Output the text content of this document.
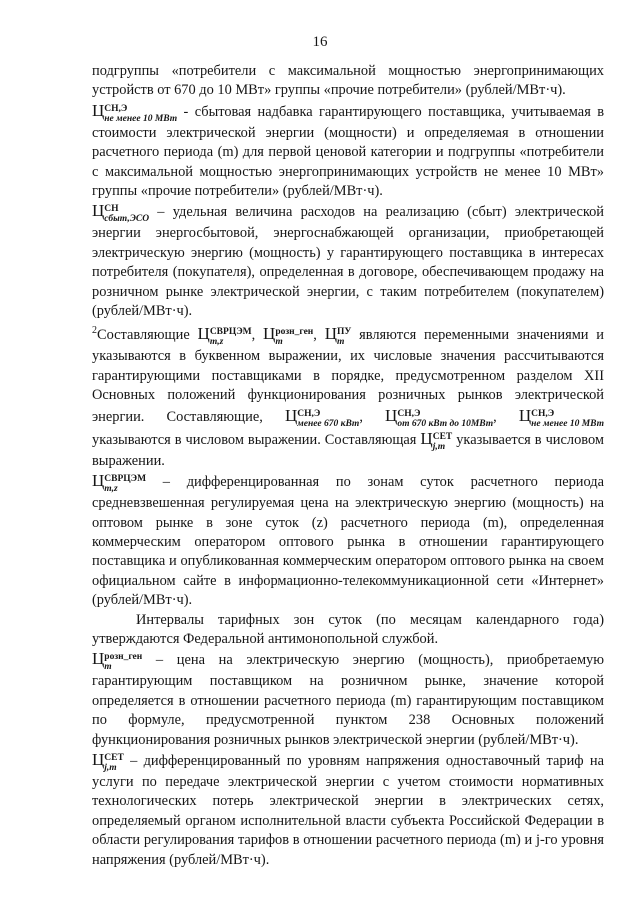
16

подгруппы «потребители с максимальной мощностью энергопринимающих устройств от 670 до 10 МВт» группы «прочие потребители» (рублей/МВт·ч).

Ц СН,Э
не менее 10 МВт - сбытовая надбавка гарантирующего поставщика, учитываемая в стоимости электрической энергии (мощности) и определяемая в отношении расчетного периода (m) для первой ценовой категории и подгруппы «потребители с максимальной мощностью энергопринимающих устройств не менее 10 МВт» группы «прочие потребители» (рублей/МВт·ч).

Ц СН
сбыт,ЭСО – удельная величина расходов на реализацию (сбыт) электрической энергии энергосбытовой, энергоснабжающей организации, приобретающей электрическую энергию (мощность) у гарантирующего поставщика в интересах потребителя (покупателя), определенная в договоре, обеспечивающем продажу на розничном рынке электрической энергии, с таким потребителем (покупателем) (рублей/МВт·ч).

$^2$Составляющие Ц СВРЦЭМ
m,z	, Ц розн_ген
m	, Ц ПУ
m являются переменными значениями и указываются в буквенном выражении, их числовые значения рассчитываются гарантирующими поставщиками в порядке, предусмотренном разделом XII Основных положений функционирования розничных рынков электрической энергии. Составляющие, Ц СН,Э
менее 670 кВт , Ц СН,Э
от 670 кВт до 10МВт , Ц СН,Э
не менее 10 МВт
указываются в числовом выражении. Составляющая Ц СЕТ
j,m указывается в числовом выражении.

Ц СВРЦЭМ
m,z	– дифференцированная по зонам суток расчетного периода средневзвешенная регулируемая цена на электрическую энергию (мощность) на оптовом рынке в зоне суток (z) расчетного периода (m), определенная коммерческим оператором оптового рынка в отношении гарантирующего поставщика и опубликованная коммерческим оператором оптового рынка на своем официальном сайте в информационно-телекоммуникационной сети «Интернет» (рублей/МВт·ч).

Интервалы тарифных зон суток (по месяцам календарного года) утверждаются Федеральной антимонопольной службой.

Ц розн_ген
m	– цена на электрическую энергию (мощность), приобретаемую гарантирующим поставщиком на розничном рынке, значение которой определяется в отношении расчетного периода (m) гарантирующим поставщиком по формуле, предусмотренной пунктом 238 Основных положений функционирования розничных рынков электрической энергии (рублей/МВт·ч).

Ц СЕТ
j,m – дифференцированный по уровням напряжения одноставочный тариф на услуги по передаче электрической энергии с учетом стоимости нормативных технологических потерь электрической энергии в электрических сетях, определяемый органом исполнительной власти субъекта Российской Федерации в области регулирования тарифов в отношении расчетного периода (m) и j-го уровня напряжения (рублей/МВт·ч).
